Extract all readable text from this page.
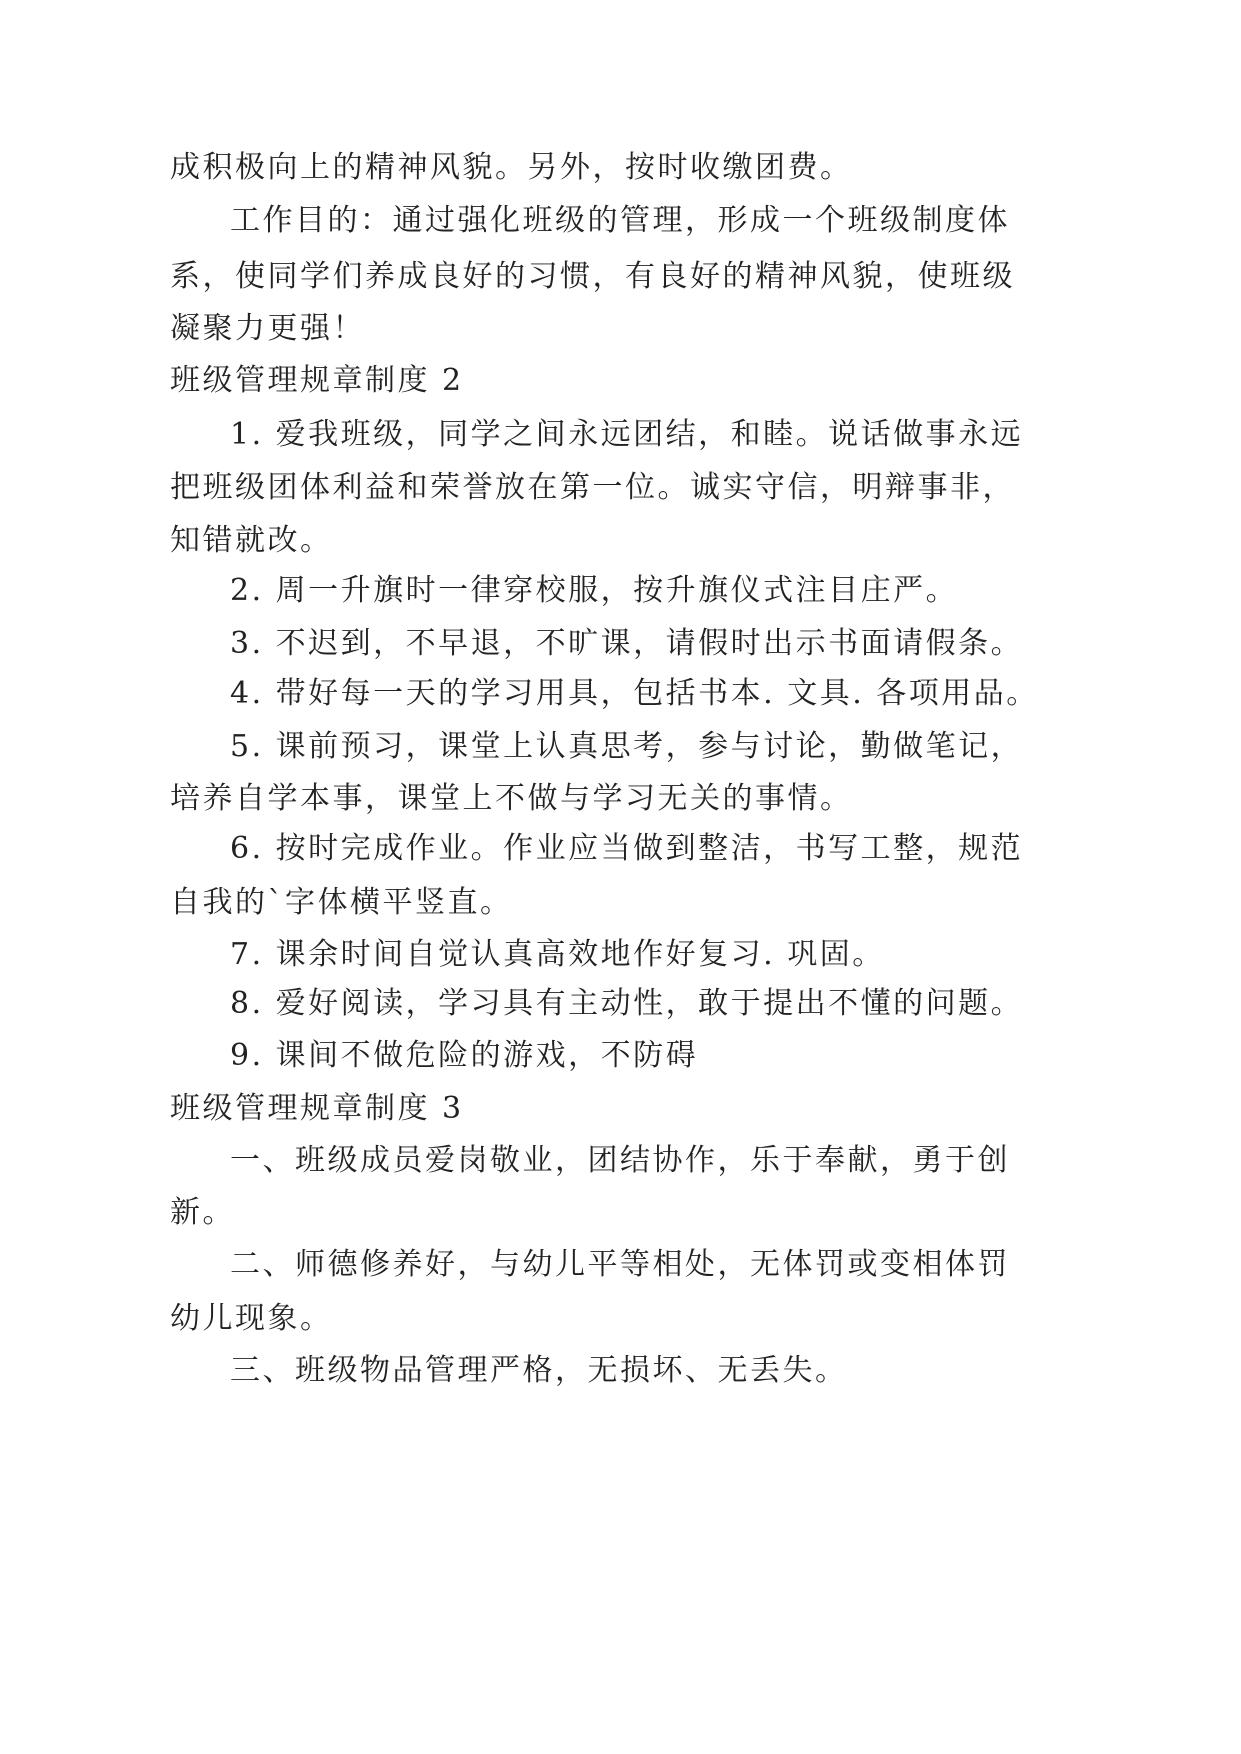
成积极向上的精神风貌。另外，按时收缴团费。
工作目的：通过强化班级的管理，形成一个班级制度体
系，使同学们养成良好的习惯，有良好的精神风貌，使班级
凝聚力更强！
班级管理规章制度 2
1. 爱我班级，同学之间永远团结，和睦。说话做事永远
把班级团体利益和荣誉放在第一位。诚实守信，明辩事非，
知错就改。
2. 周一升旗时一律穿校服，按升旗仪式注目庄严。
3. 不迟到，不早退，不旷课，请假时出示书面请假条。
4. 带好每一天的学习用具，包括书本. 文具. 各项用品。
5. 课前预习，课堂上认真思考，参与讨论，勤做笔记，
培养自学本事，课堂上不做与学习无关的事情。
6. 按时完成作业。作业应当做到整洁，书写工整，规范
自我的`字体横平竖直。
7. 课余时间自觉认真高效地作好复习. 巩固。
8. 爱好阅读，学习具有主动性，敢于提出不懂的问题。
9. 课间不做危险的游戏，不防碍
班级管理规章制度 3
一、班级成员爱岗敬业，团结协作，乐于奉献，勇于创
新。
二、师德修养好，与幼儿平等相处，无体罚或变相体罚
幼儿现象。
三、班级物品管理严格，无损坏、无丢失。
